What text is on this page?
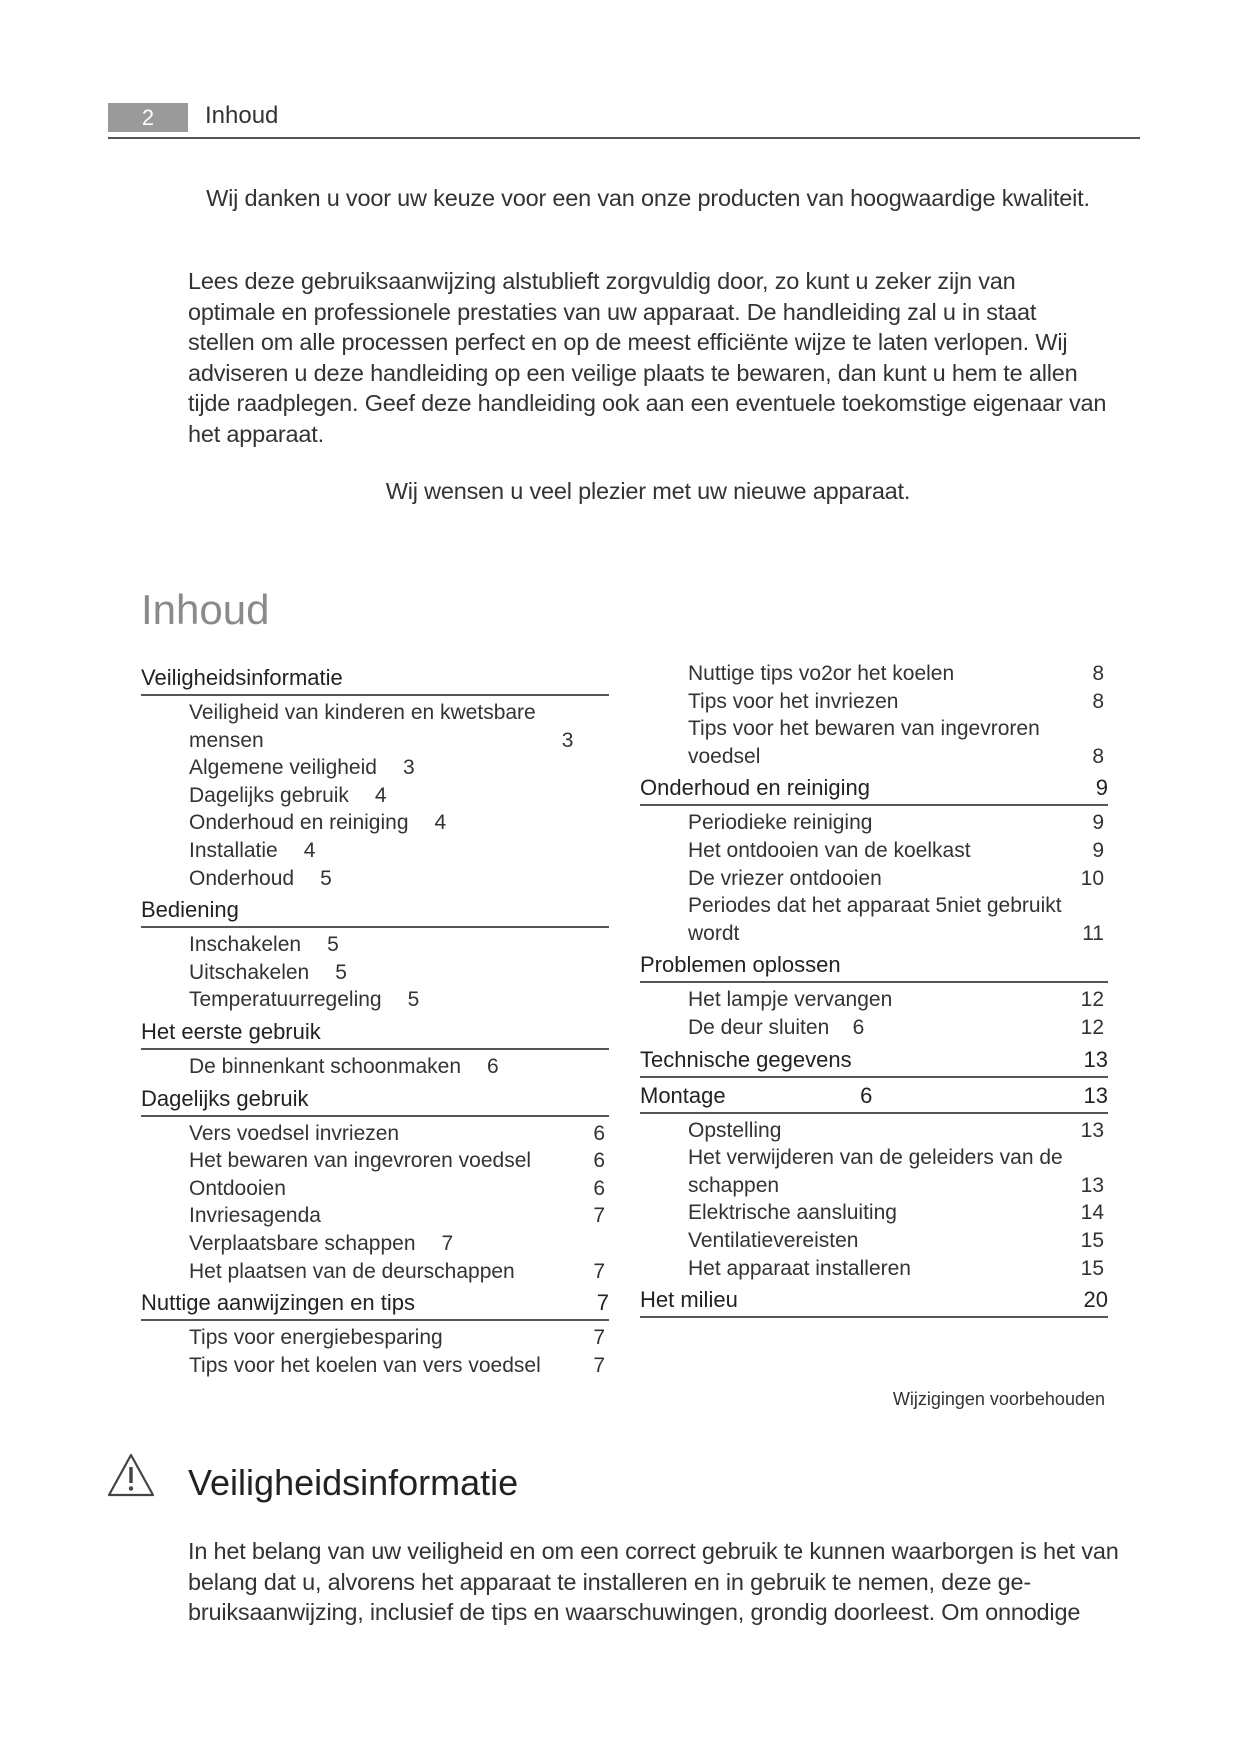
2	Inhoud
Wij danken u voor uw keuze voor een van onze producten van hoogwaardige kwaliteit.
Lees deze gebruiksaanwijzing alstublieft zorgvuldig door, zo kunt u zeker zijn van optimale en professionele prestaties van uw apparaat. De handleiding zal u in staat stellen om alle processen perfect en op de meest efficiënte wijze te laten verlopen. Wij adviseren u deze handleiding op een veilige plaats te bewaren, dan kunt u hem te allen tijde raadplegen. Geef deze handleiding ook aan een eventuele toekomstige eigenaar van het apparaat.
Wij wensen u veel plezier met uw nieuwe apparaat.
Inhoud
Veiligheidsinformatie
Veiligheid van kinderen en kwetsbare
mensen	3
Algemene veiligheid 3
Dagelijks gebruik 4
Onderhoud en reiniging 4
Installatie 4
Onderhoud 5
Bediening
Inschakelen 5
Uitschakelen 5
Temperatuurregeling 5
Het eerste gebruik
De binnenkant schoonmaken 6
Dagelijks gebruik
Vers voedsel invriezen	6
Het bewaren van ingevroren voedsel	6
Ontdooien	6
Invriesagenda	7
Verplaatsbare schappen 7
Het plaatsen van de deurschappen	7
Nuttige aanwijzingen en tips	7
Tips voor energiebesparing	7
Tips voor het koelen van vers voedsel	7
Nuttige tips vo2or het koelen	8
Tips voor het invriezen	8
Tips voor het bewaren van ingevroren
voedsel	8
Onderhoud en reiniging	9
Periodieke reiniging	9
Het ontdooien van de koelkast	9
De vriezer ontdooien	10
Periodes dat het apparaat 5niet gebruikt
wordt	11
Problemen oplossen
Het lampje vervangen	12
De deur sluiten    6	12
Technische gegevens	13
Montage                      6	13
Opstelling	13
Het verwijderen van de geleiders van de
schappen	13
Elektrische aansluiting	14
Ventilatievereisten	15
Het apparaat installeren	15
Het milieu	20
Wijzigingen voorbehouden
Veiligheidsinformatie
In het belang van uw veiligheid en om een correct gebruik te kunnen waarborgen is het van belang dat u, alvorens het apparaat te installeren en in gebruik te nemen, deze ge-bruiksaanwijzing, inclusief de tips en waarschuwingen, grondig doorleest. Om onnodige
